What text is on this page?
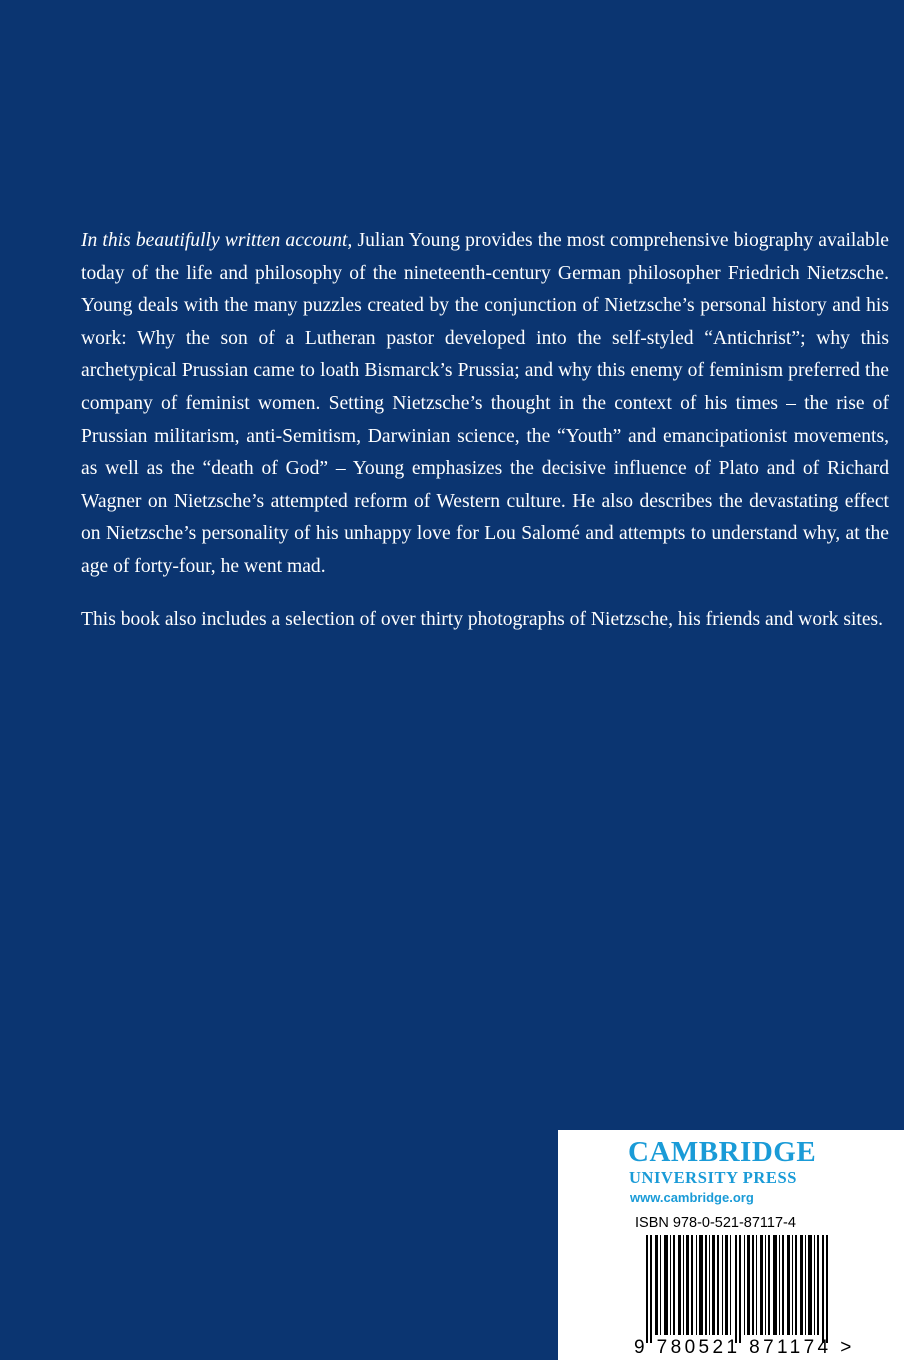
In this beautifully written account, Julian Young provides the most comprehensive biography available today of the life and philosophy of the nineteenth-century German philosopher Friedrich Nietzsche. Young deals with the many puzzles created by the conjunction of Nietzsche’s personal history and his work: Why the son of a Lutheran pastor developed into the self-styled “Antichrist”; why this archetypical Prussian came to loath Bismarck’s Prussia; and why this enemy of feminism preferred the company of feminist women. Setting Nietzsche’s thought in the context of his times – the rise of Prussian militarism, anti-Semitism, Darwinian science, the “Youth” and emancipationist movements, as well as the “death of God” – Young emphasizes the decisive influence of Plato and of Richard Wagner on Nietzsche’s attempted reform of Western culture. He also describes the devastating effect on Nietzsche’s personality of his unhappy love for Lou Salomé and attempts to understand why, at the age of forty-four, he went mad.

This book also includes a selection of over thirty photographs of Nietzsche, his friends and work sites.

CAMBRIDGE
UNIVERSITY PRESS
www.cambridge.org
ISBN 978-0-521-87117-4
9 780521 871174 >
